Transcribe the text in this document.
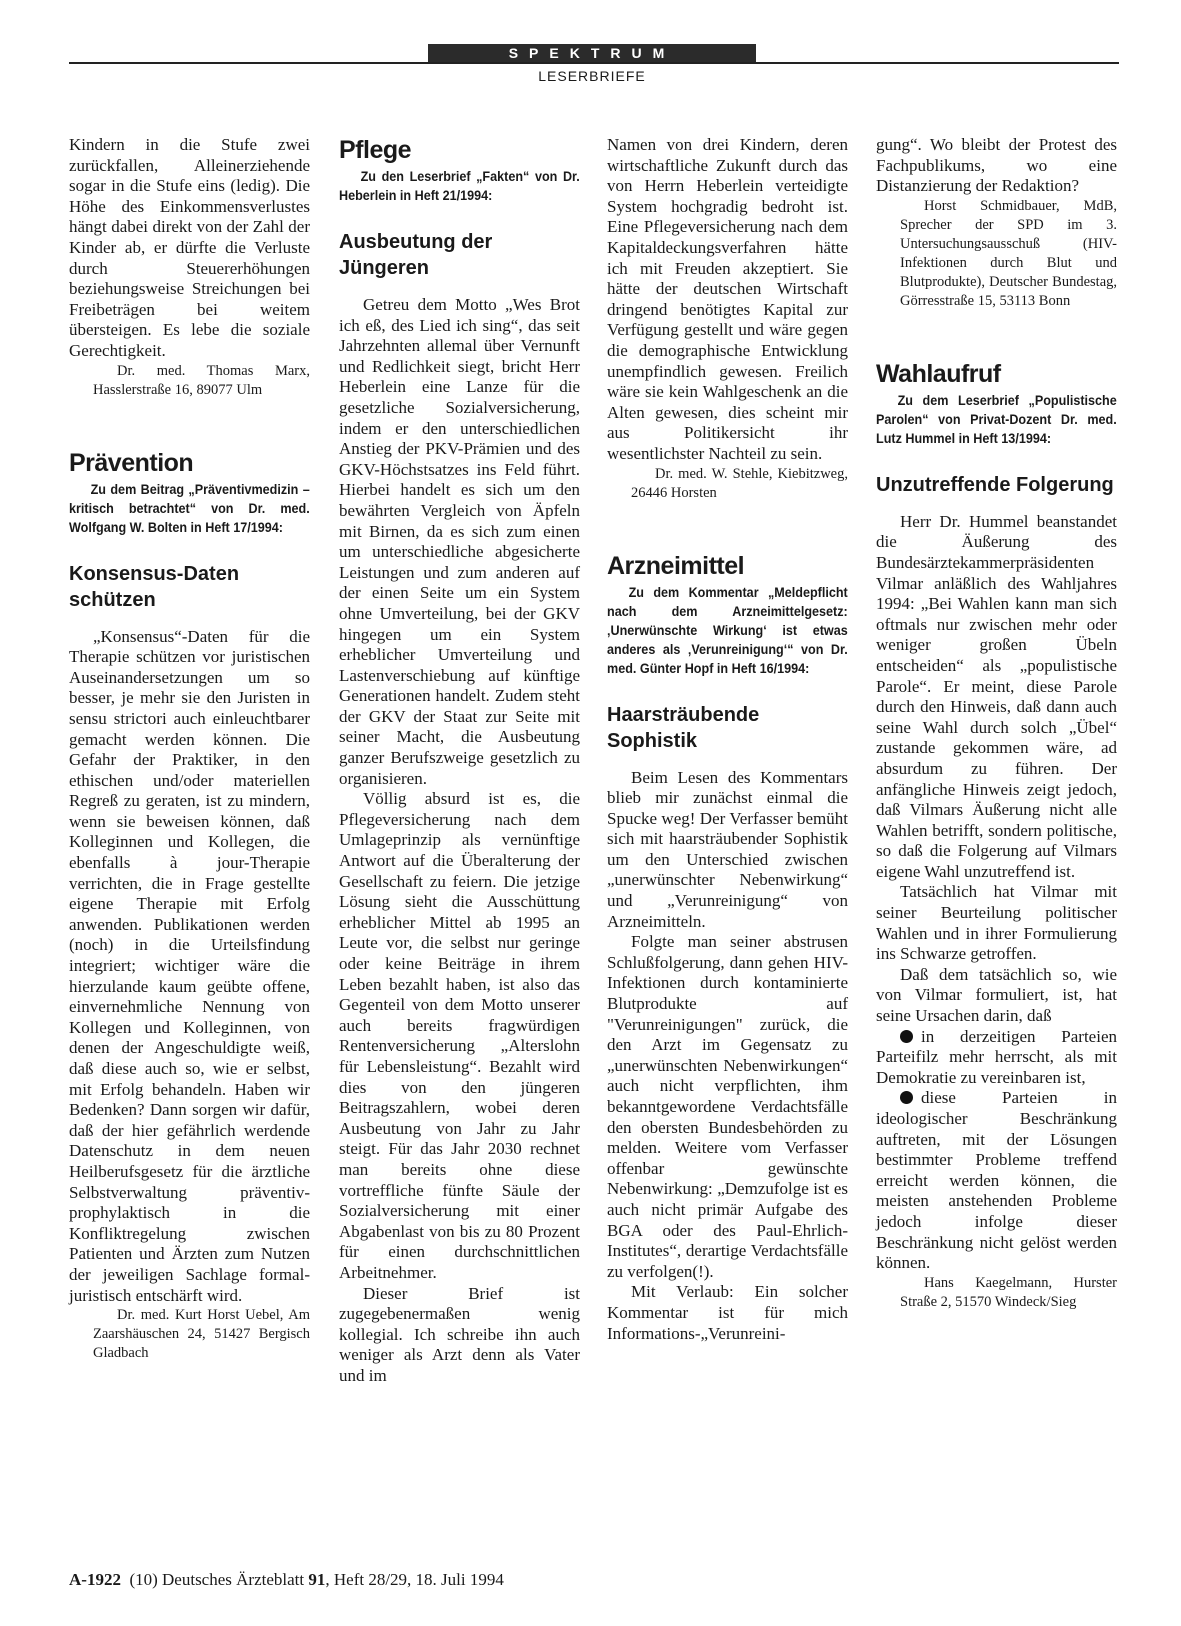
SPEKTRUM
LESERBRIEFE

Kindern in die Stufe zwei zurückfallen, Alleinerziehende sogar in die Stufe eins (ledig). Die Höhe des Einkommensverlustes hängt dabei direkt von der Zahl der Kinder ab, er dürfte die Verluste durch Steuererhöhungen beziehungsweise Streichungen bei Freibeträgen bei weitem übersteigen. Es lebe die soziale Gerechtigkeit.

Dr. med. Thomas Marx, Hasslerstraße 16, 89077 Ulm

Prävention

Zu dem Beitrag „Präventivmedizin – kritisch betrachtet“ von Dr. med. Wolfgang W. Bolten in Heft 17/1994:

Konsensus-Daten schützen

„Konsensus“-Daten für die Therapie schützen vor juristischen Auseinandersetzungen um so besser, je mehr sie den Juristen in sensu strictori auch einleuchtbarer gemacht werden können. Die Gefahr der Praktiker, in den ethischen und/oder materiellen Regreß zu geraten, ist zu mindern, wenn sie beweisen können, daß Kolleginnen und Kollegen, die ebenfalls à jour-Therapie verrichten, die in Frage gestellte eigene Therapie mit Erfolg anwenden. Publikationen werden (noch) in die Urteilsfindung integriert; wichtiger wäre die hierzulande kaum geübte offene, einvernehmliche Nennung von Kollegen und Kolleginnen, von denen der Angeschuldigte weiß, daß diese auch so, wie er selbst, mit Erfolg behandeln. Haben wir Bedenken? Dann sorgen wir dafür, daß der hier gefährlich werdende Datenschutz in dem neuen Heilberufsgesetz für die ärztliche Selbstverwaltung präventiv-prophylaktisch in die Konfliktregelung zwischen Patienten und Ärzten zum Nutzen der jeweiligen Sachlage formal-juristisch entschärft wird.

Dr. med. Kurt Horst Uebel, Am Zaarshäuschen 24, 51427 Bergisch Gladbach

Pflege

Zu den Leserbrief „Fakten“ von Dr. Heberlein in Heft 21/1994:

Ausbeutung der Jüngeren

Getreu dem Motto „Wes Brot ich eß, des Lied ich sing“, das seit Jahrzehnten allemal über Vernunft und Redlichkeit siegt, bricht Herr Heberlein eine Lanze für die gesetzliche Sozialversicherung, indem er den unterschiedlichen Anstieg der PKV-Prämien und des GKV-Höchstsatzes ins Feld führt. Hierbei handelt es sich um den bewährten Vergleich von Äpfeln mit Birnen, da es sich zum einen um unterschiedliche abgesicherte Leistungen und zum anderen auf der einen Seite um ein System ohne Umverteilung, bei der GKV hingegen um ein System erheblicher Umverteilung und Lastenverschiebung auf künftige Generationen handelt. Zudem steht der GKV der Staat zur Seite mit seiner Macht, die Ausbeutung ganzer Berufszweige gesetzlich zu organisieren.

Völlig absurd ist es, die Pflegeversicherung nach dem Umlageprinzip als vernünftige Antwort auf die Überalterung der Gesellschaft zu feiern. Die jetzige Lösung sieht die Ausschüttung erheblicher Mittel ab 1995 an Leute vor, die selbst nur geringe oder keine Beiträge in ihrem Leben bezahlt haben, ist also das Gegenteil von dem Motto unserer auch bereits fragwürdigen Rentenversicherung „Alterslohn für Lebensleistung“. Bezahlt wird dies von den jüngeren Beitragszahlern, wobei deren Ausbeutung von Jahr zu Jahr steigt. Für das Jahr 2030 rechnet man bereits ohne diese vortreffliche fünfte Säule der Sozialversicherung mit einer Abgabenlast von bis zu 80 Prozent für einen durchschnittlichen Arbeitnehmer.

Dieser Brief ist zugegebenermaßen wenig kollegial. Ich schreibe ihn auch weniger als Arzt denn als Vater und im

Namen von drei Kindern, deren wirtschaftliche Zukunft durch das von Herrn Heberlein verteidigte System hochgradig bedroht ist. Eine Pflegeversicherung nach dem Kapitaldeckungsverfahren hätte ich mit Freuden akzeptiert. Sie hätte der deutschen Wirtschaft dringend benötigtes Kapital zur Verfügung gestellt und wäre gegen die demographische Entwicklung unempfindlich gewesen. Freilich wäre sie kein Wahlgeschenk an die Alten gewesen, dies scheint mir aus Politikersicht ihr wesentlichster Nachteil zu sein.

Dr. med. W. Stehle, Kiebitzweg, 26446 Horsten

Arzneimittel

Zu dem Kommentar „Meldepflicht nach dem Arzneimittelgesetz: ‚Unerwünschte Wirkung‘ ist etwas anderes als ‚Verunreinigung‘“ von Dr. med. Günter Hopf in Heft 16/1994:

Haarsträubende Sophistik

Beim Lesen des Kommentars blieb mir zunächst einmal die Spucke weg! Der Verfasser bemüht sich mit haarsträubender Sophistik um den Unterschied zwischen „unerwünschter Nebenwirkung“ und „Verunreinigung“ von Arzneimitteln.

Folgte man seiner abstrusen Schlußfolgerung, dann gehen HIV-Infektionen durch kontaminierte Blutprodukte auf "Verunreinigungen" zurück, die den Arzt im Gegensatz zu „unerwünschten Nebenwirkungen“ auch nicht verpflichten, ihm bekanntgewordene Verdachtsfälle den obersten Bundesbehörden zu melden. Weitere vom Verfasser offenbar gewünschte Nebenwirkung: „Demzufolge ist es auch nicht primär Aufgabe des BGA oder des Paul-Ehrlich-Institutes“, derartige Verdachtsfälle zu verfolgen(!).

Mit Verlaub: Ein solcher Kommentar ist für mich Informations-„Verunreini-

gung“. Wo bleibt der Protest des Fachpublikums, wo eine Distanzierung der Redaktion?

Horst Schmidbauer, MdB, Sprecher der SPD im 3. Untersuchungsausschuß (HIV-Infektionen durch Blut und Blutprodukte), Deutscher Bundestag, Görresstraße 15, 53113 Bonn

Wahlaufruf

Zu dem Leserbrief „Populistische Parolen“ von Privat-Dozent Dr. med. Lutz Hummel in Heft 13/1994:

Unzutreffende Folgerung

Herr Dr. Hummel beanstandet die Äußerung des Bundesärztekammerpräsidenten Vilmar anläßlich des Wahljahres 1994: „Bei Wahlen kann man sich oftmals nur zwischen mehr oder weniger großen Übeln entscheiden“ als „populistische Parole“. Er meint, diese Parole durch den Hinweis, daß dann auch seine Wahl durch solch „Übel“ zustande gekommen wäre, ad absurdum zu führen. Der anfängliche Hinweis zeigt jedoch, daß Vilmars Äußerung nicht alle Wahlen betrifft, sondern politische, so daß die Folgerung auf Vilmars eigene Wahl unzutreffend ist.

Tatsächlich hat Vilmar mit seiner Beurteilung politischer Wahlen und in ihrer Formulierung ins Schwarze getroffen.

Daß dem tatsächlich so, wie von Vilmar formuliert, ist, hat seine Ursachen darin, daß

in derzeitigen Parteien Parteifilz mehr herrscht, als mit Demokratie zu vereinbaren ist,

diese Parteien in ideologischer Beschränkung auftreten, mit der Lösungen bestimmter Probleme treffend erreicht werden können, die meisten anstehenden Probleme jedoch infolge dieser Beschränkung nicht gelöst werden können.

Hans Kaegelmann, Hurster Straße 2, 51570 Windeck/Sieg

A-1922 (10) Deutsches Ärzteblatt 91, Heft 28/29, 18. Juli 1994
